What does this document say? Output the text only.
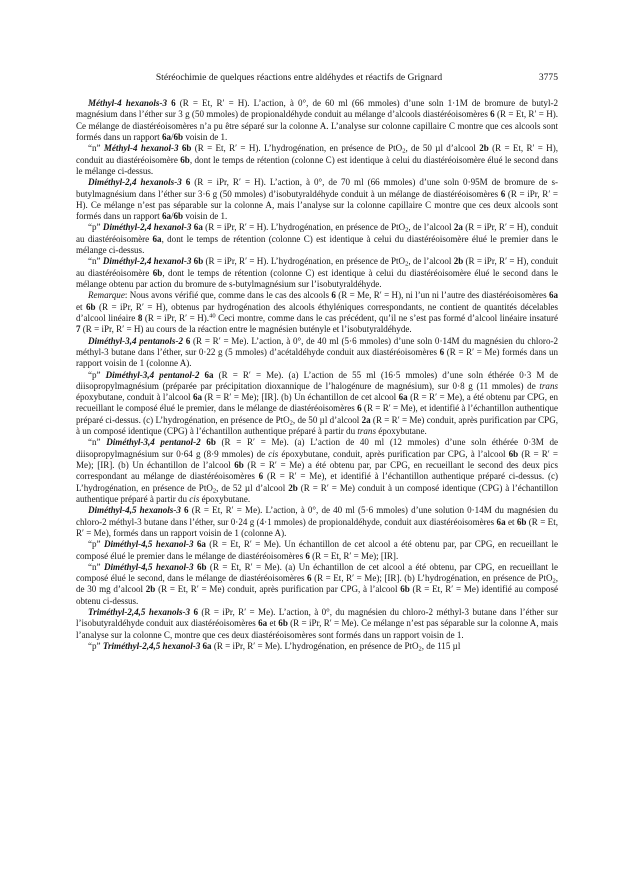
Stéréochimie de quelques réactions entre aldéhydes et réactifs de Grignard	3775

Méthyl-4 hexanols-3 6 (R = Et, R′ = H). L’action, à 0°, de 60 ml (66 mmoles) d’une soln 1·1M de bromure de butyl-2 magnésium dans l’éther sur 3 g (50 mmoles) de propionaldéhyde conduit au mélange d’alcools diastéréoisomères 6 (R = Et, R′ = H). Ce mélange de diastéréoisomères n’a pu être séparé sur la colonne A. L’analyse sur colonne capillaire C montre que ces alcools sont formés dans un rapport 6a/6b voisin de 1.

“n” Méthyl-4 hexanol-3 6b (R = Et, R′ = H). L’hydrogénation, en présence de PtO$_2$, de 50 µl d’alcool 2b (R = Et, R′ = H), conduit au diastéréoisomère 6b, dont le temps de rétention (colonne C) est identique à celui du diastéréoisomère élué le second dans le mélange ci-dessus.

Diméthyl-2,4 hexanols-3 6 (R = iPr, R′ = H). L’action, à 0°, de 70 ml (66 mmoles) d’une soln 0·95M de bromure de s-butylmagnésium dans l’éther sur 3·6 g (50 mmoles) d’isobutyraldéhyde conduit à un mélange de diastéréoisomères 6 (R = iPr, R′ = H). Ce mélange n’est pas séparable sur la colonne A, mais l’analyse sur la colonne capillaire C montre que ces deux alcools sont formés dans un rapport 6a/6b voisin de 1.

“p” Diméthyl-2,4 hexanol-3 6a (R = iPr, R′ = H). L’hydrogénation, en présence de PtO$_2$, de l’alcool 2a (R = iPr, R′ = H), conduit au diastéréoisomère 6a, dont le temps de rétention (colonne C) est identique à celui du diastéréoisomère élué le premier dans le mélange ci-dessus.

“n” Diméthyl-2,4 hexanol-3 6b (R = iPr, R′ = H). L’hydrogénation, en présence de PtO$_2$, de l’alcool 2b (R = iPr, R′ = H), conduit au diastéréoisomère 6b, dont le temps de rétention (colonne C) est identique à celui du diastéréoisomère élué le second dans le mélange obtenu par action du bromure de s-butylmagnésium sur l’isobutyraldéhyde.

Remarque: Nous avons vérifié que, comme dans le cas des alcools 6 (R = Me, R′ = H), ni l’un ni l’autre des diastéréoisomères 6a et 6b (R = iPr, R′ = H), obtenus par hydrogénation des alcools éthyléniques correspondants, ne contient de quantités décelables d’alcool linéaire 8 (R = iPr, R′ = H).$^{40}$ Ceci montre, comme dans le cas précédent, qu’il ne s’est pas formé d’alcool linéaire insaturé 7 (R = iPr, R′ = H) au cours de la réaction entre le magnésien butényle et l’isobutyraldéhyde.

Diméthyl-3,4 pentanols-2 6 (R = R′ = Me). L’action, à 0°, de 40 ml (5·6 mmoles) d’une soln 0·14M du magnésien du chloro-2 méthyl-3 butane dans l’éther, sur 0·22 g (5 mmoles) d’acétaldéhyde conduit aux diastéréoisomères 6 (R = R′ = Me) formés dans un rapport voisin de 1 (colonne A).

“p” Diméthyl-3,4 pentanol-2 6a (R = R′ = Me). (a) L’action de 55 ml (16·5 mmoles) d’une soln éthérée 0·3 M de diisopropylmagnésium (préparée par précipitation dioxannique de l’halogénure de magnésium), sur 0·8 g (11 mmoles) de trans époxybutane, conduit à l’alcool 6a (R = R′ = Me); [IR]. (b) Un échantillon de cet alcool 6a (R = R′ = Me), a été obtenu par CPG, en recueillant le composé élué le premier, dans le mélange de diastéréoisomères 6 (R = R′ = Me), et identifié à l’échantillon authentique préparé ci-dessus. (c) L’hydrogénation, en présence de PtO$_2$, de 50 µl d’alcool 2a (R = R′ = Me) conduit, après purification par CPG, à un composé identique (CPG) à l’échantillon authentique préparé à partir du trans époxybutane.

“n” Diméthyl-3,4 pentanol-2 6b (R = R′ = Me). (a) L’action de 40 ml (12 mmoles) d’une soln éthérée 0·3M de diisopropylmagnésium sur 0·64 g (8·9 mmoles) de cis époxybutane, conduit, après purification par CPG, à l’alcool 6b (R = R′ = Me); [IR]. (b) Un échantillon de l’alcool 6b (R = R′ = Me) a été obtenu par, par CPG, en recueillant le second des deux pics correspondant au mélange de diastéréoisomères 6 (R = R′ = Me), et identifié à l’échantillon authentique préparé ci-dessus. (c) L’hydrogénation, en présence de PtO$_2$, de 52 µl d’alcool 2b (R = R′ = Me) conduit à un composé identique (CPG) à l’échantillon authentique préparé à partir du cis époxybutane.

Diméthyl-4,5 hexanols-3 6 (R = Et, R′ = Me). L’action, à 0°, de 40 ml (5·6 mmoles) d’une solution 0·14M du magnésien du chloro-2 méthyl-3 butane dans l’éther, sur 0·24 g (4·1 mmoles) de propionaldéhyde, conduit aux diastéréoisomères 6a et 6b (R = Et, R′ = Me), formés dans un rapport voisin de 1 (colonne A).

“p” Diméthyl-4,5 hexanol-3 6a (R = Et, R′ = Me). Un échantillon de cet alcool a été obtenu par, par CPG, en recueillant le composé élué le premier dans le mélange de diastéréoisomères 6 (R = Et, R′ = Me); [IR].

“n” Diméthyl-4,5 hexanol-3 6b (R = Et, R′ = Me). (a) Un échantillon de cet alcool a été obtenu, par CPG, en recueillant le composé élué le second, dans le mélange de diastéréoisomères 6 (R = Et, R′ = Me); [IR]. (b) L’hydrogénation, en présence de PtO$_2$, de 30 mg d’alcool 2b (R = Et, R′ = Me) conduit, après purification par CPG, à l’alcool 6b (R = Et, R′ = Me) identifié au composé obtenu ci-dessus.

Triméthyl-2,4,5 hexanols-3 6 (R = iPr, R′ = Me). L’action, à 0°, du magnésien du chloro-2 méthyl-3 butane dans l’éther sur l’isobutyraldéhyde conduit aux diastéréoisomères 6a et 6b (R = iPr, R′ = Me). Ce mélange n’est pas séparable sur la colonne A, mais l’analyse sur la colonne C, montre que ces deux diastéréoisomères sont formés dans un rapport voisin de 1.

“p” Triméthyl-2,4,5 hexanol-3 6a (R = iPr, R′ = Me). L’hydrogénation, en présence de PtO$_2$, de 115 µl
